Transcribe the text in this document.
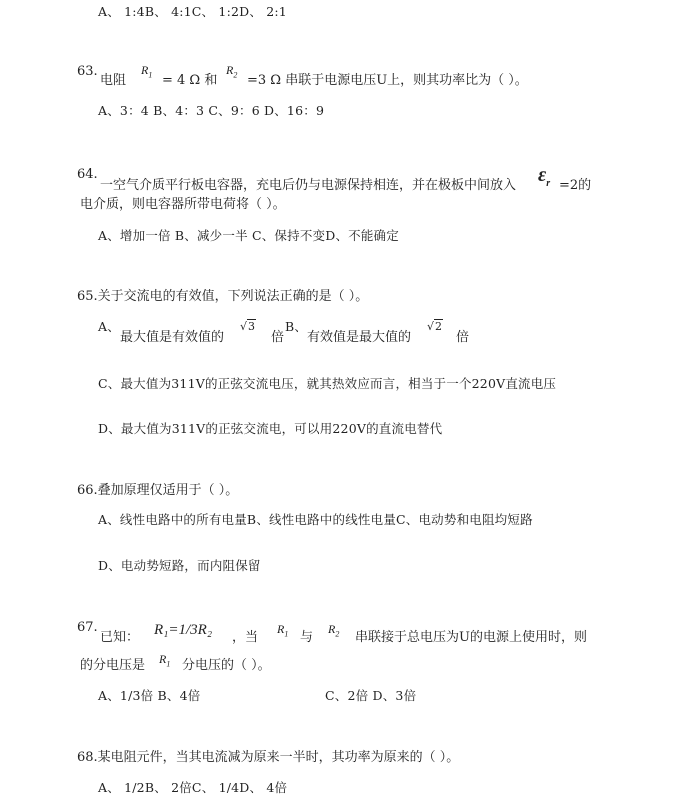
A、 1:4B、 4:1C、 1:2D、 2:1
63.
电阻
$R_1 = 4$ Ω 和
$R_2 =3$ Ω 串联于电源电压U上，则其功率比为（ ）。
A、3：4 B、4：3 C、9：6 D、16：9
64.
一空气介质平行板电容器，充电后仍与电源保持相连，并在极板中间放入 $\varepsilon_r =2$的
电介质，则电容器所带电荷将（ ）。
A、增加一倍 B、减少一半 C、保持不变D、不能确定
65.关于交流电的有效值，下列说法正确的是（ ）。
A、
最大值是有效值的
√3
倍
B、
有效值是最大值的
√2
倍
C、最大值为311V的正弦交流电压，就其热效应而言，相当于一个220V直流电压
D、最大值为311V的正弦交流电，可以用220V的直流电替代
66.叠加原理仅适用于（ ）。
A、线性电路中的所有电量B、线性电路中的线性电量C、电动势和电阻均短路
D、电动势短路，而内阻保留
67.
已知： R₁=1/3R₂ ，当
$R_1$ 与
$R_2$ 串联接于总电压为U的电源上使用时，则
的分电压是 $R_1$ 分电压的（ ）。
A、1/3倍 B、4倍	C、2倍 D、3倍
68.某电阻元件，当其电流减为原来一半时，其功率为原来的（ ）。
A、 1/2B、 2倍C、 1/4D、 4倍
